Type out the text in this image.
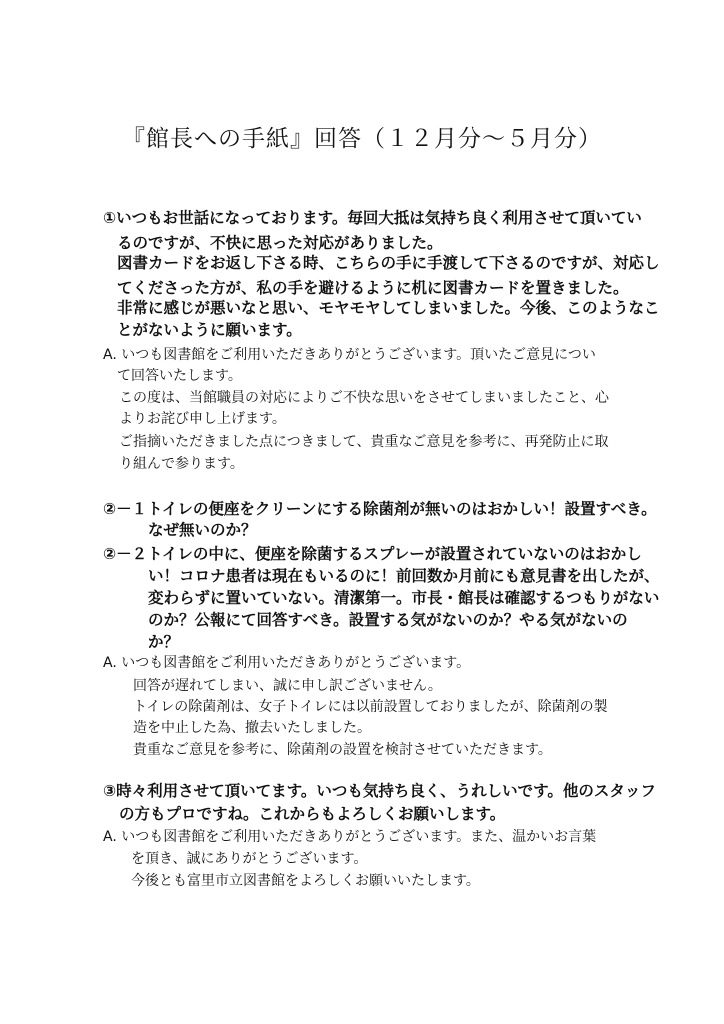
『館長への手紙』回答（１２月分～５月分）
①いつもお世話になっております。毎回大抵は気持ち良く利用させて頂いてい
るのですが、不快に思った対応がありました。
図書カードをお返し下さる時、こちらの手に手渡して下さるのですが、対応し
てくださった方が、私の手を避けるように机に図書カードを置きました。
非常に感じが悪いなと思い、モヤモヤしてしまいました。今後、このようなこ
とがないように願います。
A. いつも図書館をご利用いただきありがとうございます。頂いたご意見につい
て回答いたします。
この度は、当館職員の対応によりご不快な思いをさせてしまいましたこと、心
よりお詫び申し上げます。
ご指摘いただきました点につきまして、貴重なご意見を参考に、再発防止に取
り組んで参ります。
②－１トイレの便座をクリーンにする除菌剤が無いのはおかしい！設置すべき。
なぜ無いのか？
②－２トイレの中に、便座を除菌するスプレーが設置されていないのはおかし
い！コロナ患者は現在もいるのに！前回数か月前にも意見書を出したが、
変わらずに置いていない。清潔第一。市長・館長は確認するつもりがない
のか？公報にて回答すべき。設置する気がないのか？やる気がないの
か？
A. いつも図書館をご利用いただきありがとうございます。
回答が遅れてしまい、誠に申し訳ございません。
トイレの除菌剤は、女子トイレには以前設置しておりましたが、除菌剤の製
造を中止した為、撤去いたしました。
貴重なご意見を参考に、除菌剤の設置を検討させていただきます。
③時々利用させて頂いてます。いつも気持ち良く、うれしいです。他のスタッフ
の方もプロですね。これからもよろしくお願いします。
A. いつも図書館をご利用いただきありがとうございます。また、温かいお言葉
を頂き、誠にありがとうございます。
今後とも富里市立図書館をよろしくお願いいたします。
